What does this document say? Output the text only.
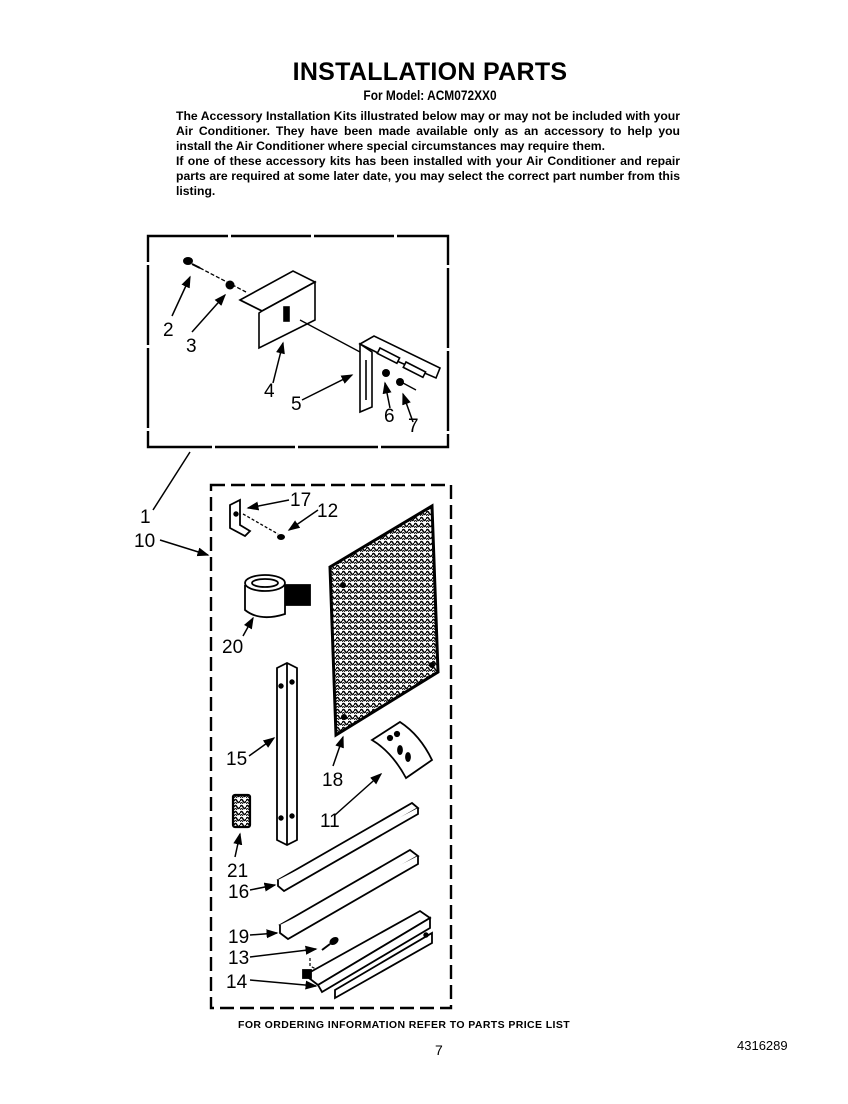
INSTALLATION PARTS
For Model: ACM072XX0

The Accessory Installation Kits illustrated below may or may not be included with your Air Conditioner. They have been made available only as an accessory to help you install the Air Conditioner where special circumstances may require them.

If one of these accessory kits has been installed with your Air Conditioner and repair parts are required at some later date, you may select the correct part number from this listing.

2
3
4
5
6 7
1
10
17
12
20
18
15
11
21
16
19
13
14
FOR ORDERING INFORMATION REFER TO PARTS PRICE LIST
7	4316289
